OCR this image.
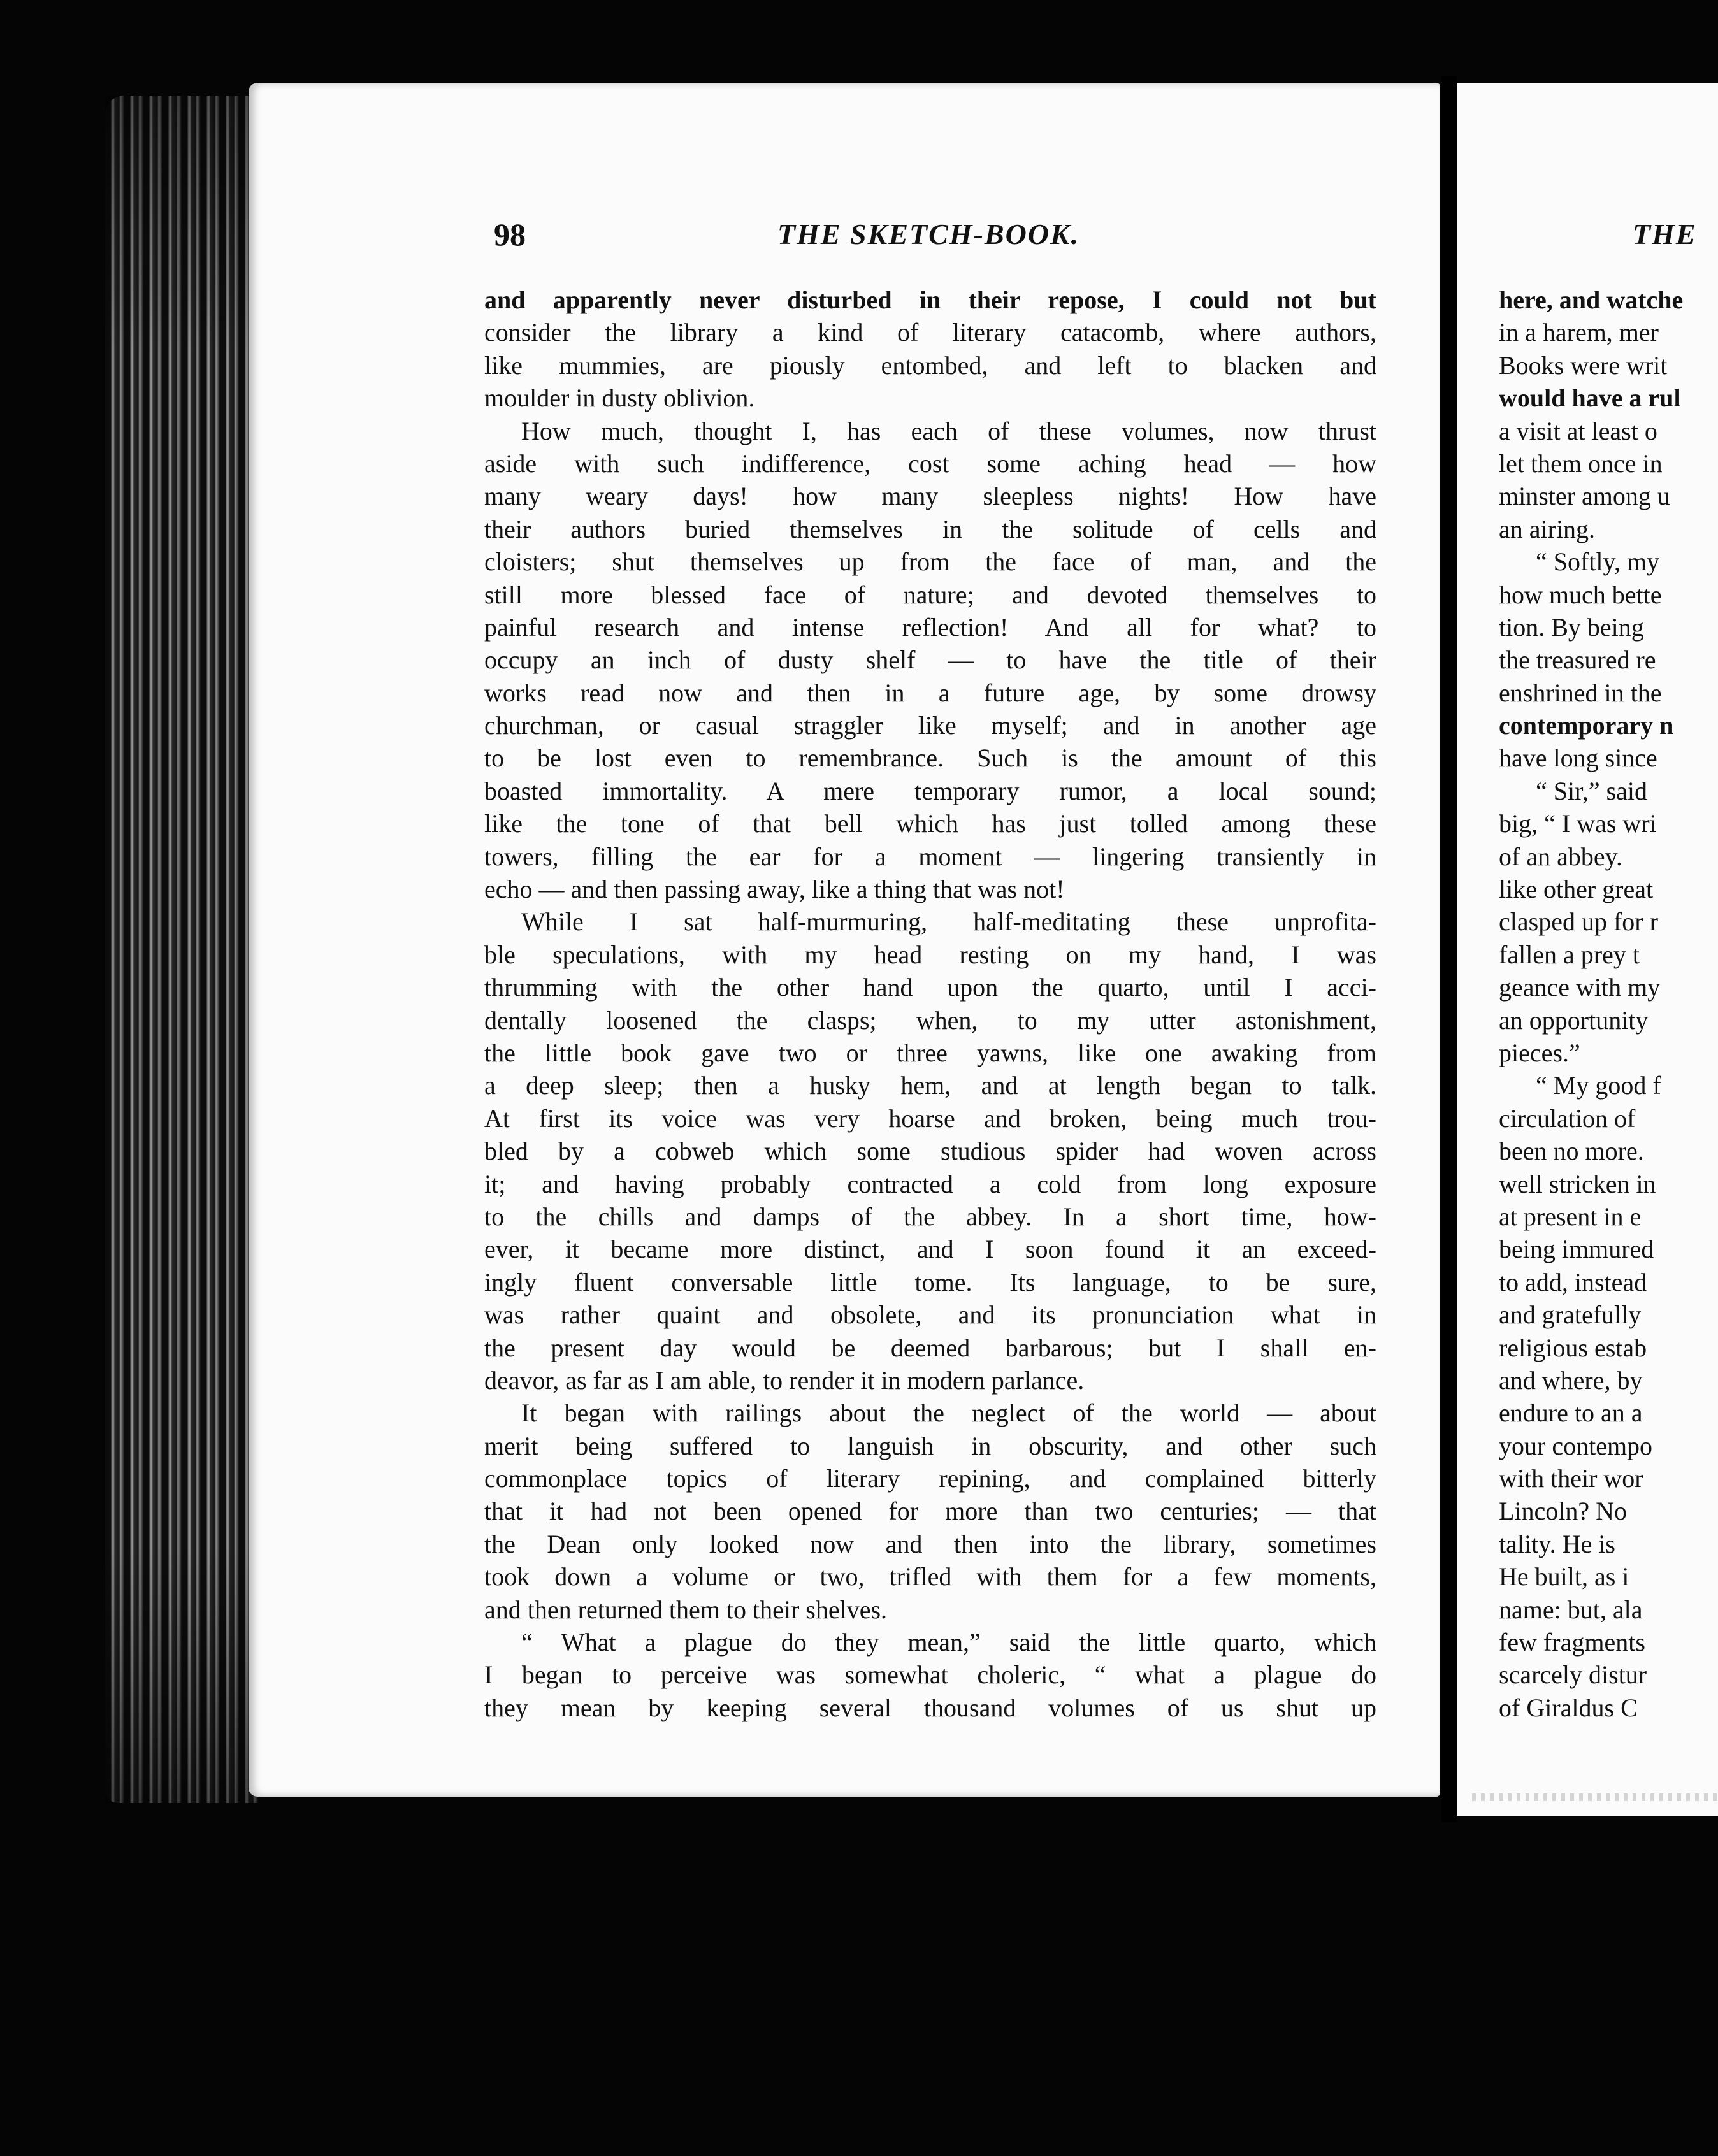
98	THE SKETCH-BOOK.
and apparently never disturbed in their repose, I could not but
consider the library a kind of literary catacomb, where authors,
like mummies, are piously entombed, and left to blacken and
moulder in dusty oblivion.
How much, thought I, has each of these volumes, now thrust
aside with such indifference, cost some aching head — how
many weary days! how many sleepless nights! How have
their authors buried themselves in the solitude of cells and
cloisters; shut themselves up from the face of man, and the
still more blessed face of nature; and devoted themselves to
painful research and intense reflection! And all for what? to
occupy an inch of dusty shelf — to have the title of their
works read now and then in a future age, by some drowsy
churchman, or casual straggler like myself; and in another age
to be lost even to remembrance. Such is the amount of this
boasted immortality. A mere temporary rumor, a local sound;
like the tone of that bell which has just tolled among these
towers, filling the ear for a moment — lingering transiently in
echo — and then passing away, like a thing that was not!
While I sat half-murmuring, half-meditating these unprofita-
ble speculations, with my head resting on my hand, I was
thrumming with the other hand upon the quarto, until I acci-
dentally loosened the clasps; when, to my utter astonishment,
the little book gave two or three yawns, like one awaking from
a deep sleep; then a husky hem, and at length began to talk.
At first its voice was very hoarse and broken, being much trou-
bled by a cobweb which some studious spider had woven across
it; and having probably contracted a cold from long exposure
to the chills and damps of the abbey. In a short time, how-
ever, it became more distinct, and I soon found it an exceed-
ingly fluent conversable little tome. Its language, to be sure,
was rather quaint and obsolete, and its pronunciation what in
the present day would be deemed barbarous; but I shall en-
deavor, as far as I am able, to render it in modern parlance.
It began with railings about the neglect of the world — about
merit being suffered to languish in obscurity, and other such
commonplace topics of literary repining, and complained bitterly
that it had not been opened for more than two centuries; — that
the Dean only looked now and then into the library, sometimes
took down a volume or two, trifled with them for a few moments,
and then returned them to their shelves.
“ What a plague do they mean,” said the little quarto, which
I began to perceive was somewhat choleric, “ what a plague do
they mean by keeping several thousand volumes of us shut up
THE
here, and watche
in a harem, mer
Books were writ
would have a rul
a visit at least o
let them once in
minster among u
an airing.
“ Softly, my
how much bette
tion. By being
the treasured re
enshrined in the
contemporary n
have long since
“ Sir,” said
big, “ I was wri
of an abbey.
like other great
clasped up for r
fallen a prey t
geance with my
an opportunity
pieces.”
“ My good f
circulation of
been no more.
well stricken in
at present in e
being immured
to add, instead
and gratefully
religious estab
and where, by
endure to an a
your contempo
with their wor
Lincoln? No
tality. He is
He built, as i
name: but, ala
few fragments
scarcely distur
of Giraldus C
